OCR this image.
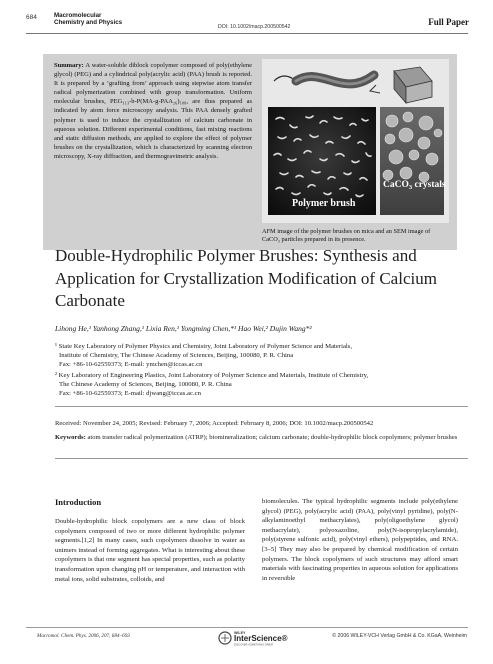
684	Macromolecular
Chemistry and Physics
DOI: 10.1002/macp.200500542	Full Paper
Summary: A water-soluble diblock copolymer composed of poly(ethylene glycol) (PEG) and a cylindrical poly(acrylic acid) (PAA) brush is reported. It is prepared by a ‘grafting from’ approach using stepwise atom transfer radical polymerization combined with group transformation. Uniform molecular brushes, PEG₁₁₃-b-P(MA-g-PAA₂₆)₁₀₀, are thus prepared as indicated by atom force microscopy analysis. This PAA densely grafted polymer is used to induce the crystallization of calcium carbonate in aqueous solution. Different experimental conditions, fast mixing reactions and static diffusion methods, are applied to explore the effect of polymer brushes on the crystallization, which is characterized by scanning electron microscopy, X-ray diffraction, and thermogravimetric analysis.
Polymer brush
CaCO$_3$ crystals
AFM image of the polymer brushes on mica and an SEM image of CaCO₃ particles prepared in its presence.
Double-Hydrophilic Polymer Brushes: Synthesis and Application for Crystallization Modification of Calcium Carbonate
Lihong He,¹ Yanhong Zhang,¹ Lixia Ren,¹ Yongming Chen,*¹ Hao Wei,² Dujin Wang*²
¹ State Key Laboratory of Polymer Physics and Chemistry, Joint Laboratory of Polymer Science and Materials,
Institute of Chemistry, The Chinese Academy of Sciences, Beijing, 100080, P. R. China
Fax: +86-10-62559373; E-mail: ymchen@iccas.ac.cn
² Key Laboratory of Engineering Plastics, Joint Laboratory of Polymer Science and Materials, Institute of Chemistry,
The Chinese Academy of Sciences, Beijing, 100080, P. R. China
Fax: +86-10-62559373; E-mail: djwang@iccas.ac.cn
Received: November 24, 2005; Revised: February 7, 2006; Accepted: February 8, 2006; DOI: 10.1002/macp.200500542
Keywords: atom transfer radical polymerization (ATRP); biomineralization; calcium carbonate; double-hydrophilic block copolymers; polymer brushes
Introduction
Double-hydrophilic block copolymers are a new class of block copolymers composed of two or more different hydrophilic polymer segments.[1,2] In many cases, such copolymers dissolve in water as unimers instead of forming aggregates. What is interesting about these copolymers is that one segment has special properties, such as polarity transformation upon changing pH or temperature, and interaction with metal ions, solid substrates, colloids, and
biomolecules. The typical hydrophilic segments include poly(ethylene glycol) (PEG), poly(acrylic acid) (PAA), poly(vinyl pyridine), poly(N-alkylaminoethyl methacrylates), poly(oligoethylene glycol) methacrylate), polyoxazoline, poly(N-isopropylacrylamide), poly(styrene sulfonic acid), poly(vinyl ethers), polypeptides, and RNA.[3–5] They may also be prepared by chemical modification of certain polymers. The block copolymers of such structures may afford smart materials with fascinating properties in aqueous solution for applications in reversible
Macromol. Chem. Phys. 2006, 207, 684–693	WILEY
InterScience®
DISCOVER SOMETHING GREAT
© 2006 WILEY-VCH Verlag GmbH & Co. KGaA, Weinheim
